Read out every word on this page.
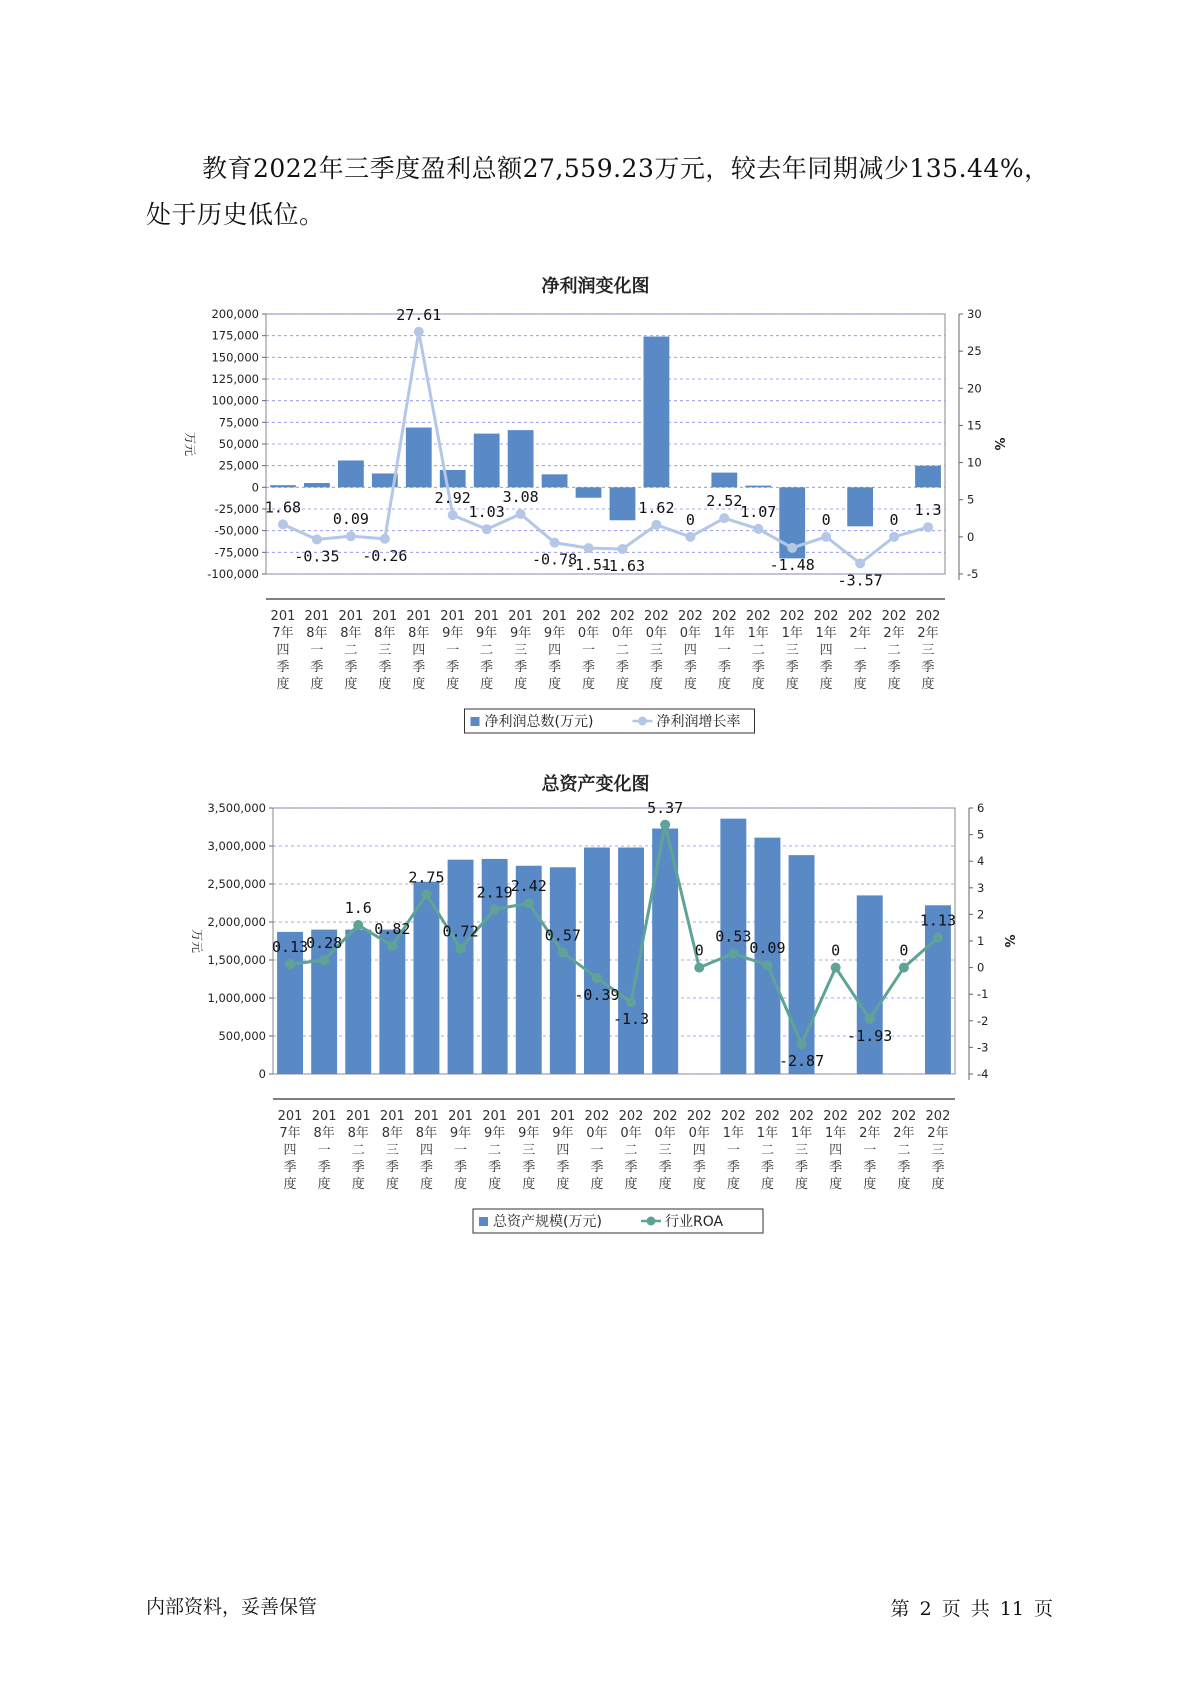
教育2022年三季度盈利总额27,559.23万元，较去年同期减少135.44%，处于历史低位。

净利润变化图
-100,000
-75,000
-50,000
-25,000
0
25,000
50,000
75,000
100,000
125,000
150,000
175,000
200,000
-5
0
5
10
15
20
25
30
万元	%
1.68
-0.35
0.09
-0.26
27.61
2.92
1.03
3.08
-0.78
-1.51
-1.63
1.62
0
2.52
1.07
-1.48
0
-3.57
0
1.3
201
7年
四
季
度
201
8年
一
季
度
201
8年
二
季
度
201
8年
三
季
度
201
8年
四
季
度
201
9年
一
季
度
201
9年
二
季
度
201
9年
三
季
度
201
9年
四
季
度
202
0年
一
季
度
202
0年
二
季
度
202
0年
三
季
度
202
0年
四
季
度
202
1年
一
季
度
202
1年
二
季
度
202
1年
三
季
度
202
1年
四
季
度
202
2年
一
季
度
202
2年
二
季
度
202
2年
三
季
度
净利润总数(万元)	净利润增长率
总资产变化图
0
500,000
1,000,000
1,500,000
2,000,000
2,500,000
3,000,000
3,500,000
-4
-3
-2
-1
0
1
2
3
4
5
6
万元	%
0.13
0.28
1.6
0.82
2.75
0.72
2.19
2.42
0.57
-0.39
-1.3
5.37
0
0.53
0.09
-2.87
0
-1.93
0
1.13
201
7年
四
季
度
201
8年
一
季
度
201
8年
二
季
度
201
8年
三
季
度
201
8年
四
季
度
201
9年
一
季
度
201
9年
二
季
度
201
9年
三
季
度
201
9年
四
季
度
202
0年
一
季
度
202
0年
二
季
度
202
0年
三
季
度
202
0年
四
季
度
202
1年
一
季
度
202
1年
二
季
度
202
1年
三
季
度
202
1年
四
季
度
202
2年
一
季
度
202
2年
二
季
度
202
2年
三
季
度
总资产规模(万元)	行业ROA
内部资料，妥善保管	第 2 页 共 11 页
